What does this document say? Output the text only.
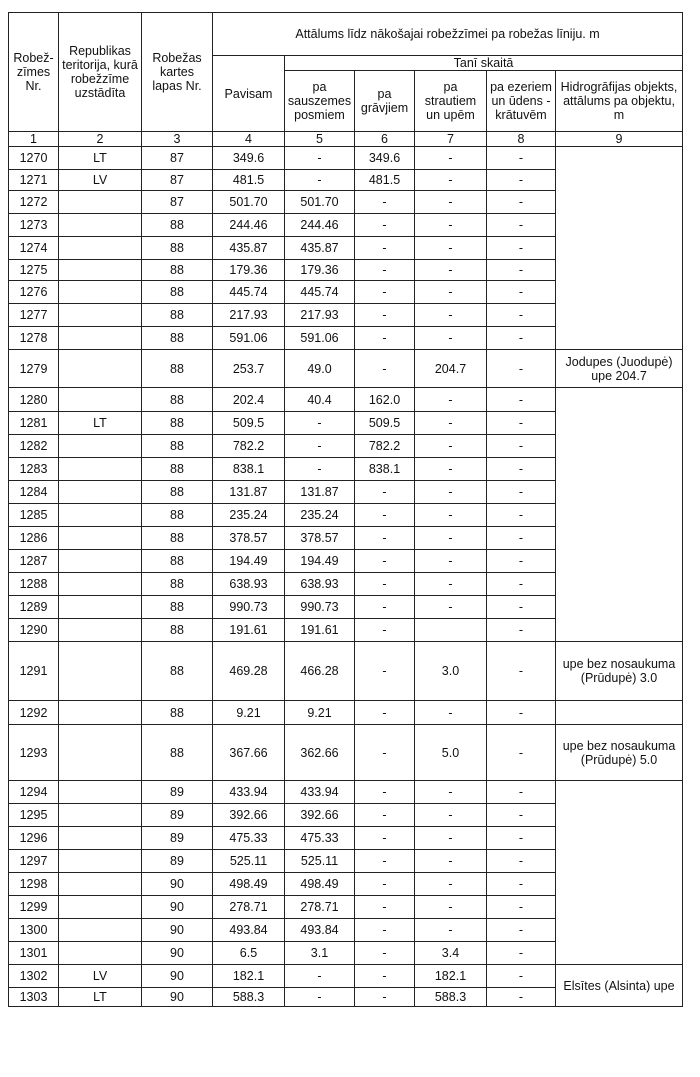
Robež-zīmes Nr.	Republikas teritorija, kurā robežzīme uzstādīta	Robežas kartes lapas Nr.	Attālums līdz nākošajai robežzīmei pa robežas līniju. m					
			Pavisam	Tanī skaitā				
				pa sauszemes posmiem	pa grāvjiem	pa strautiem un upēm	pa ezeriem un ūdens - krātuvēm	Hidrogrāfijas objekts, attālums pa objektu, m
1	2	3	4	5	6	7	8	9
1270	LT	87	349.6	-	349.6	-	-	
1271	LV	87	481.5	-	481.5	-	-	
1272		87	501.70	501.70	-	-	-	
1273		88	244.46	244.46	-	-	-	
1274		88	435.87	435.87	-	-	-	
1275		88	179.36	179.36	-	-	-	
1276		88	445.74	445.74	-	-	-	
1277		88	217.93	217.93	-	-	-	
1278		88	591.06	591.06	-	-	-	
1279		88	253.7	49.0	-	204.7	-	Jodupes (Juodupė) upe 204.7
1280		88	202.4	40.4	162.0	-	-	
1281	LT	88	509.5	-	509.5	-	-	
1282		88	782.2	-	782.2	-	-	
1283		88	838.1	-	838.1	-	-	
1284		88	131.87	131.87	-	-	-	
1285		88	235.24	235.24	-	-	-	
1286		88	378.57	378.57	-	-	-	
1287		88	194.49	194.49	-	-	-	
1288		88	638.93	638.93	-	-	-	
1289		88	990.73	990.73	-	-	-	
1290		88	191.61	191.61	-		-	
1291		88	469.28	466.28	-	3.0	-	upe bez nosaukuma (Prūdupė) 3.0
1292		88	9.21	9.21	-	-	-	
1293		88	367.66	362.66	-	5.0	-	upe bez nosaukuma (Prūdupė) 5.0
1294		89	433.94	433.94	-	-	-	
1295		89	392.66	392.66	-	-	-	
1296		89	475.33	475.33	-	-	-	
1297		89	525.11	525.11	-	-	-	
1298		90	498.49	498.49	-	-	-	
1299		90	278.71	278.71	-	-	-	
1300		90	493.84	493.84	-	-	-	
1301		90	6.5	3.1	-	3.4	-	
1302	LV	90	182.1	-	-	182.1	-	Elsītes (Alsinta) upe
1303	LT	90	588.3	-	-	588.3	-	
